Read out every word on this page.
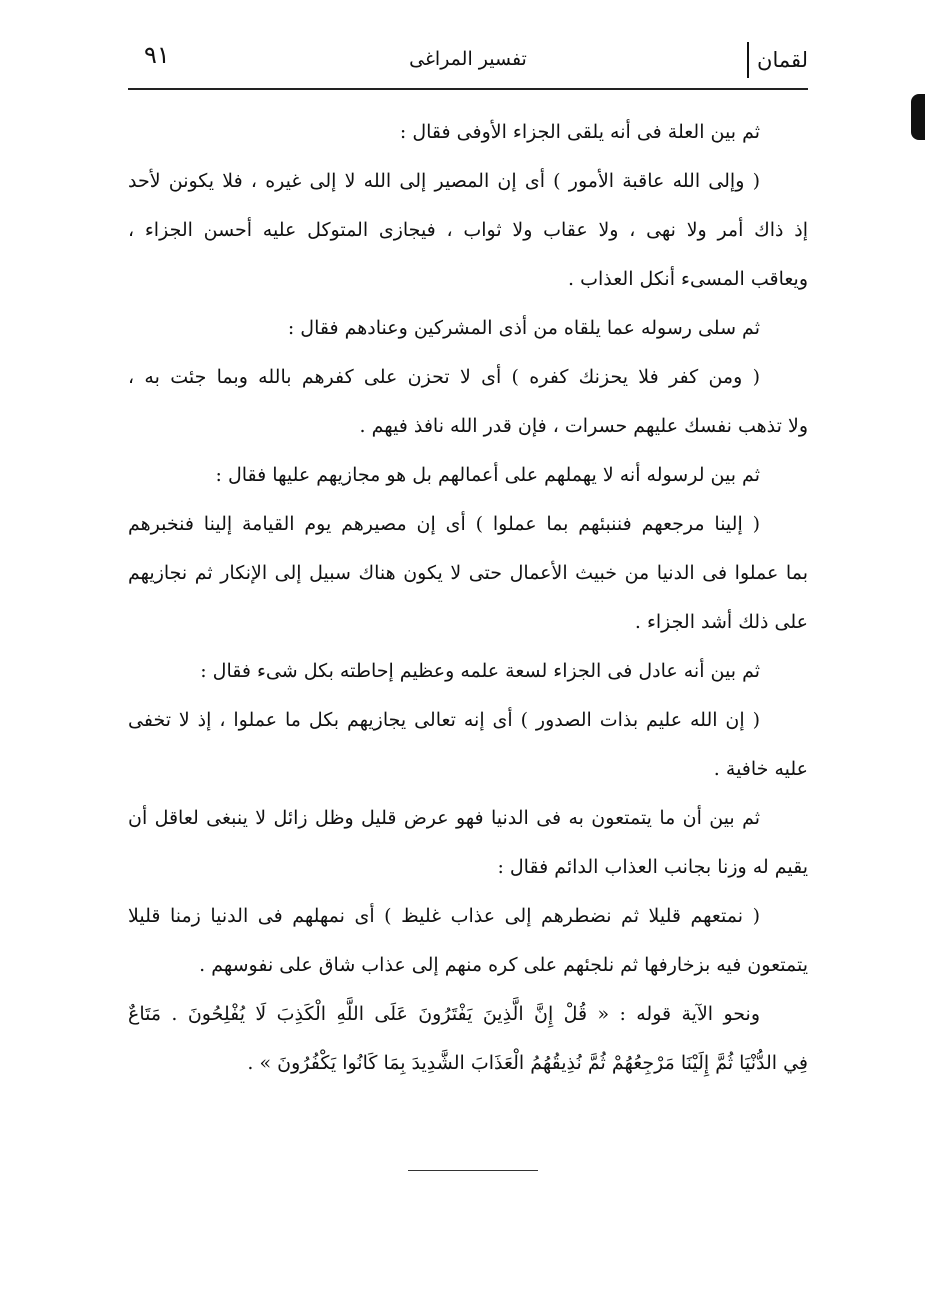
لقمان
تفسير المراغى
٩١
ثم بين العلة فى أنه يلقى الجزاء الأوفى فقال :
( وإلى الله عاقبة الأمور ) أى إن المصير إلى الله لا إلى غيره ، فلا يكونن لأحد
إذ ذاك أمر ولا نهى ، ولا عقاب ولا ثواب ، فيجازى المتوكل عليه أحسن الجزاء ،
ويعاقب المسىء أنكل العذاب .
ثم سلى رسوله عما يلقاه من أذى المشركين وعنادهم فقال :
( ومن كفر فلا يحزنك كفره ) أى لا تحزن على كفرهم بالله وبما جئت به ،
ولا تذهب نفسك عليهم حسرات ، فإن قدر الله نافذ فيهم .
ثم بين لرسوله أنه لا يهملهم على أعمالهم بل هو مجازيهم عليها فقال :
( إلينا مرجعهم فننبئهم بما عملوا ) أى إن مصيرهم يوم القيامة إلينا فنخبرهم
بما عملوا فى الدنيا من خبيث الأعمال حتى لا يكون هناك سبيل إلى الإنكار ثم نجازيهم
على ذلك أشد الجزاء .
ثم بين أنه عادل فى الجزاء لسعة علمه وعظيم إحاطته بكل شىء فقال :
( إن الله عليم بذات الصدور ) أى إنه تعالى يجازيهم بكل ما عملوا ، إذ لا تخفى
عليه خافية .
ثم بين أن ما يتمتعون به فى الدنيا فهو عرض قليل وظل زائل لا ينبغى لعاقل أن
يقيم له وزنا بجانب العذاب الدائم فقال :
( نمتعهم قليلا ثم نضطرهم إلى عذاب غليظ ) أى نمهلهم فى الدنيا زمنا قليلا
يتمتعون فيه بزخارفها ثم نلجئهم على كره منهم إلى عذاب شاق على نفوسهم .
ونحو الآية قوله : « قُلْ إِنَّ الَّذِينَ يَفْتَرُونَ عَلَى اللَّهِ الْكَذِبَ لَا يُفْلِحُونَ . مَتَاعٌ
فِي الدُّنْيَا ثُمَّ إِلَيْنَا مَرْجِعُهُمْ ثُمَّ نُذِيقُهُمُ الْعَذَابَ الشَّدِيدَ بِمَا كَانُوا يَكْفُرُونَ » .
